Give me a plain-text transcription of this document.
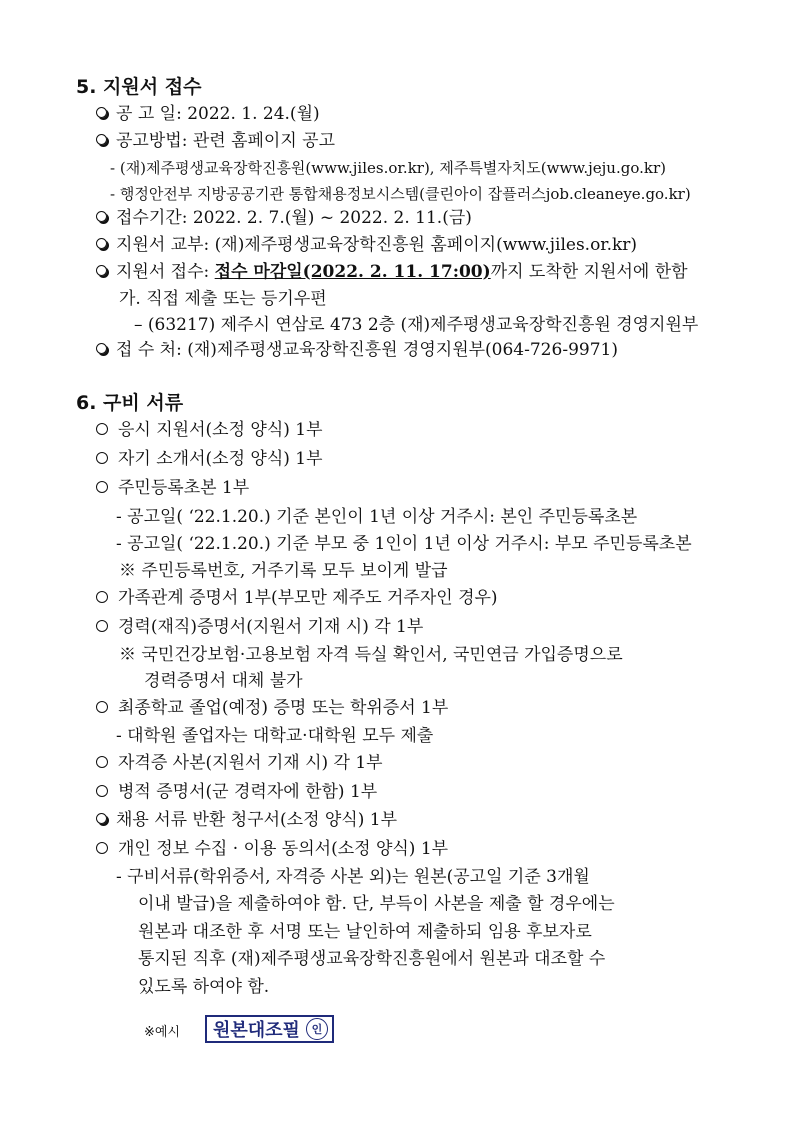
5. 지원서 접수
공 고 일: 2022. 1. 24.(월)
공고방법: 관련 홈페이지 공고
- (재)제주평생교육장학진흥원(www.jiles.or.kr), 제주특별자치도(www.jeju.go.kr)
- 행정안전부 지방공공기관 통합채용정보시스템(클린아이 잡플러스job.cleaneye.go.kr)
접수기간: 2022. 2. 7.(월) ~ 2022. 2. 11.(금)
지원서 교부: (재)제주평생교육장학진흥원 홈페이지(www.jiles.or.kr)
지원서 접수: 접수 마감일(2022. 2. 11. 17:00)까지 도착한 지원서에 한함
가. 직접 제출 또는 등기우편
– (63217) 제주시 연삼로 473 2층 (재)제주평생교육장학진흥원 경영지원부
접 수 처: (재)제주평생교육장학진흥원 경영지원부(064-726-9971)
6. 구비 서류
응시 지원서(소정 양식) 1부
자기 소개서(소정 양식) 1부
주민등록초본 1부
- 공고일( ‘22.1.20.) 기준 본인이 1년 이상 거주시: 본인 주민등록초본
- 공고일( ‘22.1.20.) 기준 부모 중 1인이 1년 이상 거주시: 부모 주민등록초본
※ 주민등록번호, 거주기록 모두 보이게 발급
가족관계 증명서 1부(부모만 제주도 거주자인 경우)
경력(재직)증명서(지원서 기재 시) 각 1부
※ 국민건강보험·고용보험 자격 득실 확인서, 국민연금 가입증명으로
경력증명서 대체 불가
최종학교 졸업(예정) 증명 또는 학위증서 1부
- 대학원 졸업자는 대학교·대학원 모두 제출
자격증 사본(지원서 기재 시) 각 1부
병적 증명서(군 경력자에 한함) 1부
채용 서류 반환 청구서(소정 양식) 1부
개인 정보 수집 · 이용 동의서(소정 양식) 1부
- 구비서류(학위증서, 자격증 사본 외)는 원본(공고일 기준 3개월
이내 발급)을 제출하여야 함. 단, 부득이 사본을 제출 할 경우에는
원본과 대조한 후 서명 또는 날인하여 제출하되 임용 후보자로
통지된 직후 (재)제주평생교육장학진흥원에서 원본과 대조할 수
있도록 하여야 함.
※예시 원본대조필	인
